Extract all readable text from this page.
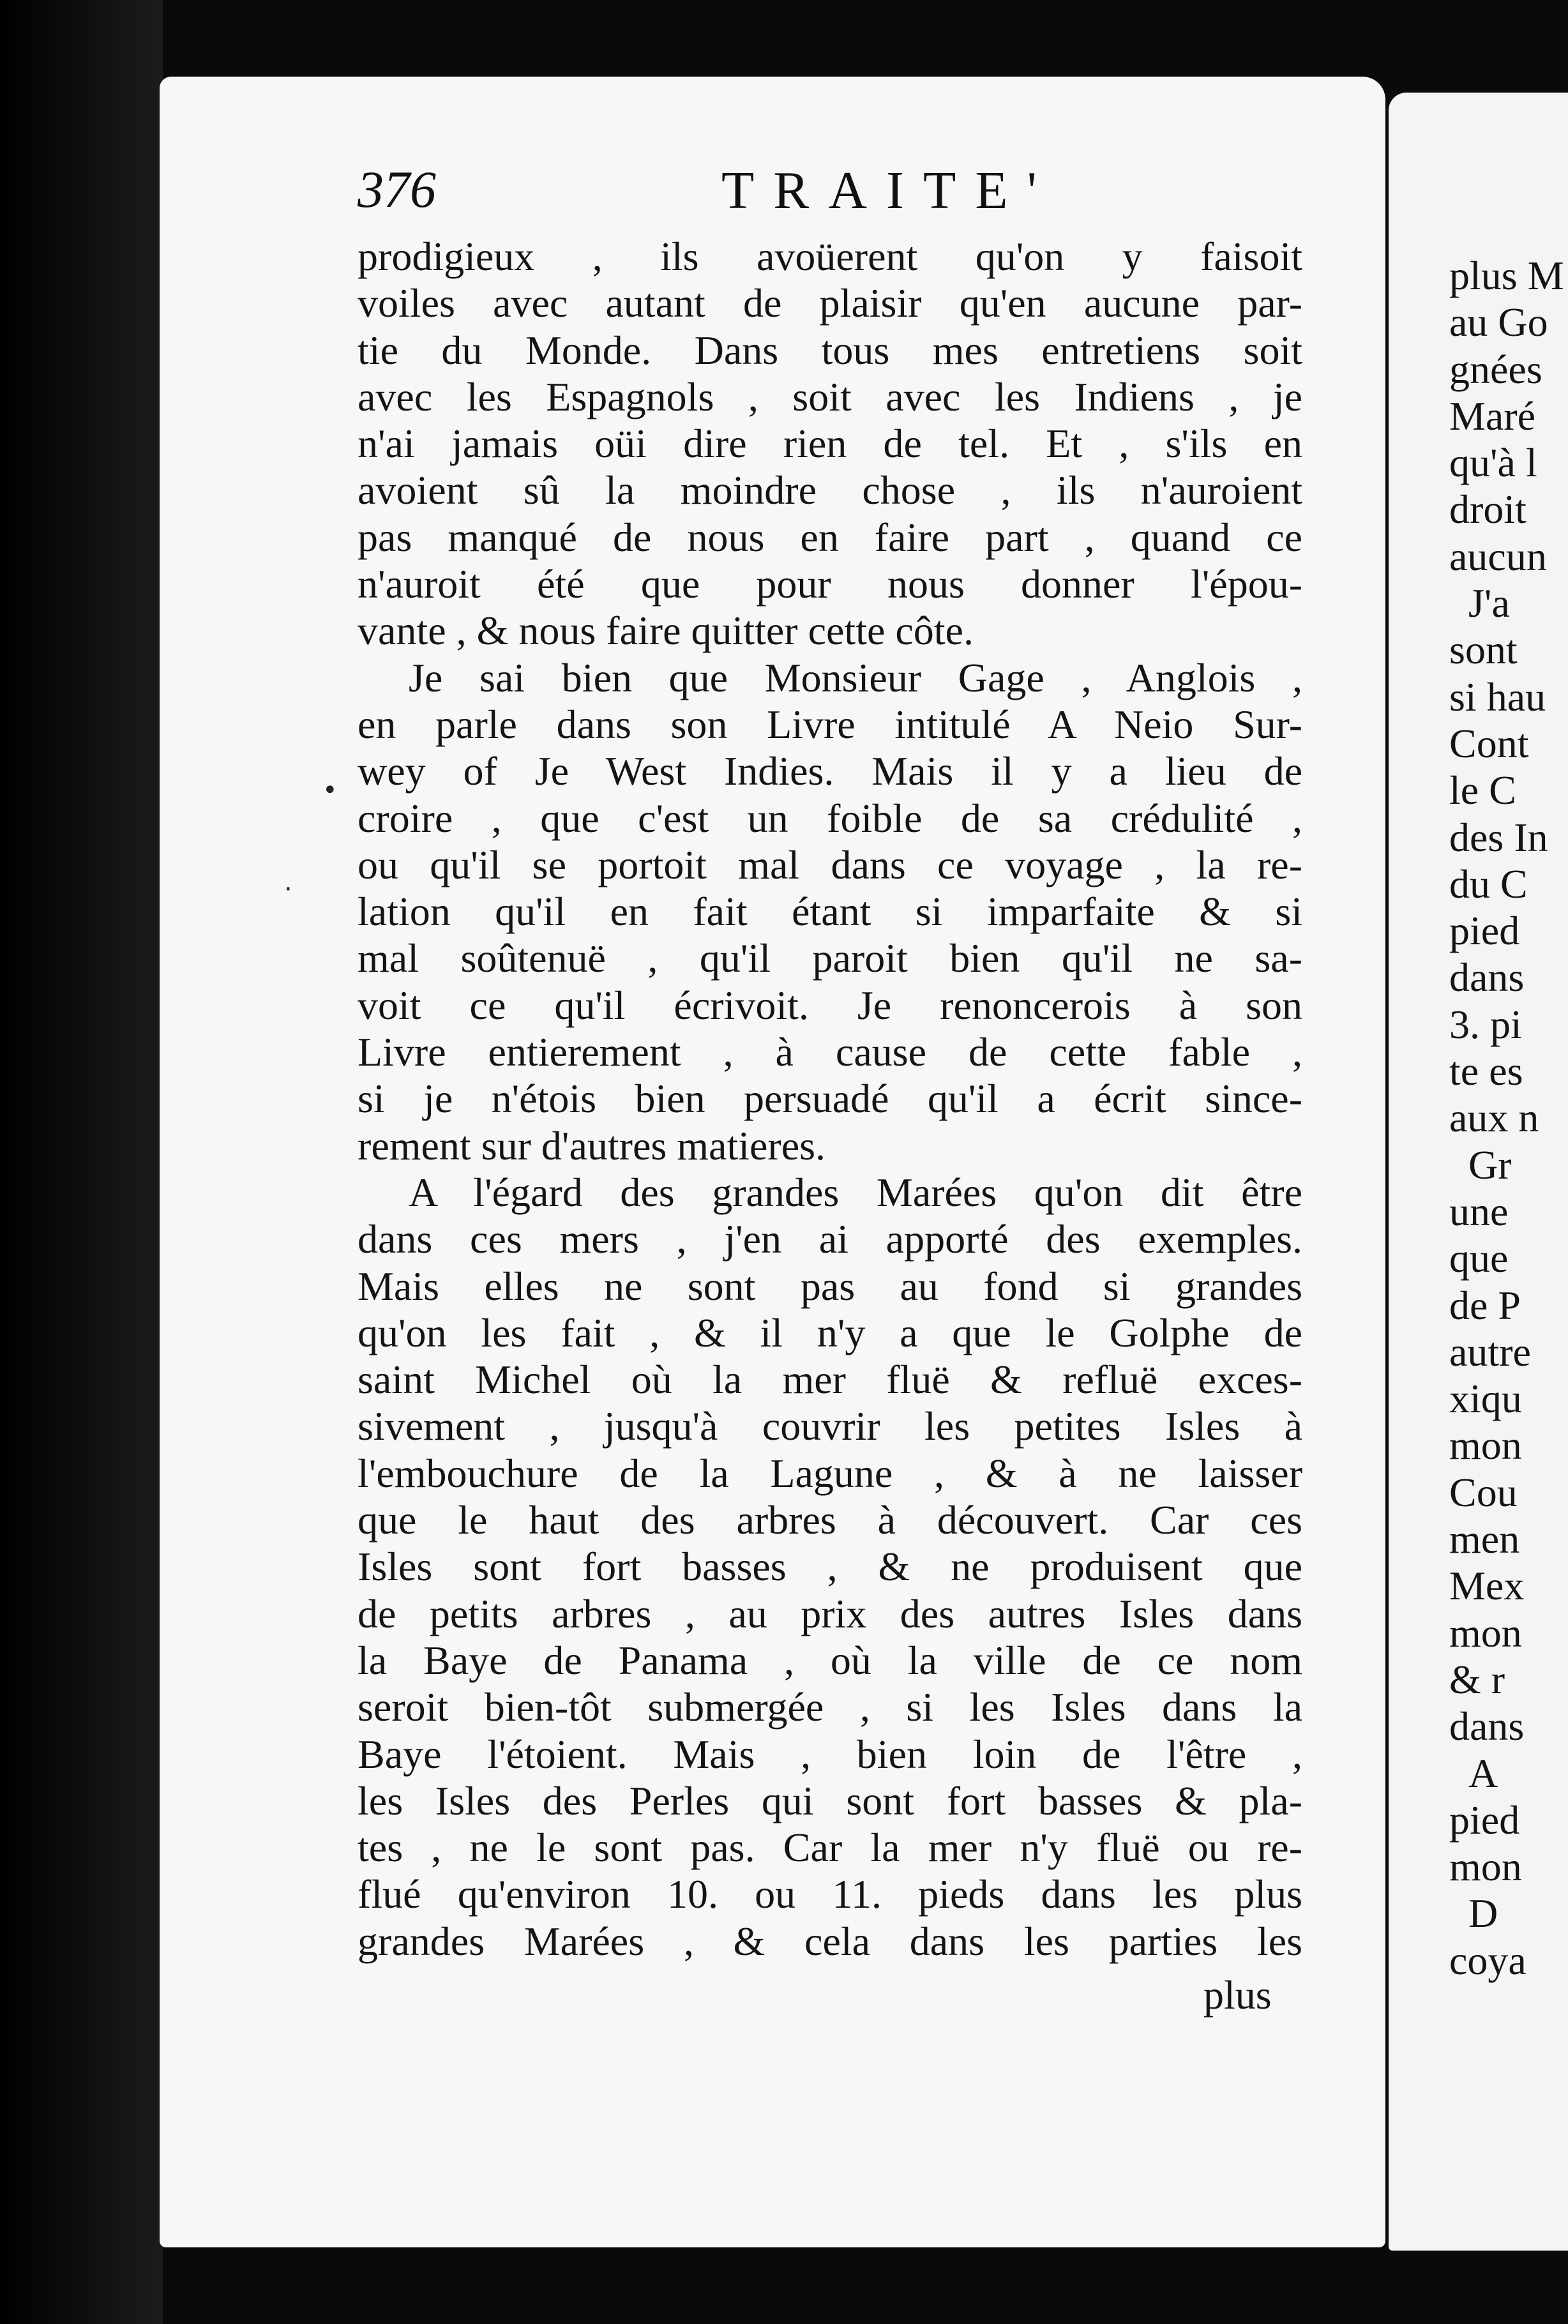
376	TRAITE'
•
·
prodigieux , ils avoüerent qu'on y faisoit
voiles avec autant de plaisir qu'en aucune par-
tie du Monde. Dans tous mes entretiens soit
avec les Espagnols , soit avec les Indiens , je
n'ai jamais oüi dire rien de tel. Et , s'ils en
avoient sû la moindre chose , ils n'auroient
pas manqué de nous en faire part , quand ce
n'auroit été que pour nous donner l'épou-
vante , & nous faire quitter cette côte.
Je sai bien que Monsieur Gage , Anglois ,
en parle dans son Livre intitulé A Neio Sur-
wey of Je West Indies. Mais il y a lieu de
croire , que c'est un foible de sa crédulité ,
ou qu'il se portoit mal dans ce voyage , la re-
lation qu'il en fait étant si imparfaite & si
mal soûtenuë , qu'il paroit bien qu'il ne sa-
voit ce qu'il écrivoit. Je renoncerois à son
Livre entierement , à cause de cette fable ,
si je n'étois bien persuadé qu'il a écrit since-
rement sur d'autres matieres.
A l'égard des grandes Marées qu'on dit être
dans ces mers , j'en ai apporté des exemples.
Mais elles ne sont pas au fond si grandes
qu'on les fait , & il n'y a que le Golphe de
saint Michel où la mer fluë & refluë exces-
sivement , jusqu'à couvrir les petites Isles à
l'embouchure de la Lagune , & à ne laisser
que le haut des arbres à découvert. Car ces
Isles sont fort basses , & ne produisent que
de petits arbres , au prix des autres Isles dans
la Baye de Panama , où la ville de ce nom
seroit bien-tôt submergée , si les Isles dans la
Baye l'étoient. Mais , bien loin de l'être ,
les Isles des Perles qui sont fort basses & pla-
tes , ne le sont pas. Car la mer n'y fluë ou re-
flué qu'environ 10. ou 11. pieds dans les plus
grandes Marées , & cela dans les parties les
plus
plus M
au Go
gnées
Maré
qu'à l
droit
aucun
J'a
sont
si hau
Cont
le C
des In
du C
pied
dans
3. pi
te es
aux n
Gr
une
que
de P
autre
xiqu
mon
Cou
men
Mex
mon
& r
dans
A
pied
mon
D
coya
